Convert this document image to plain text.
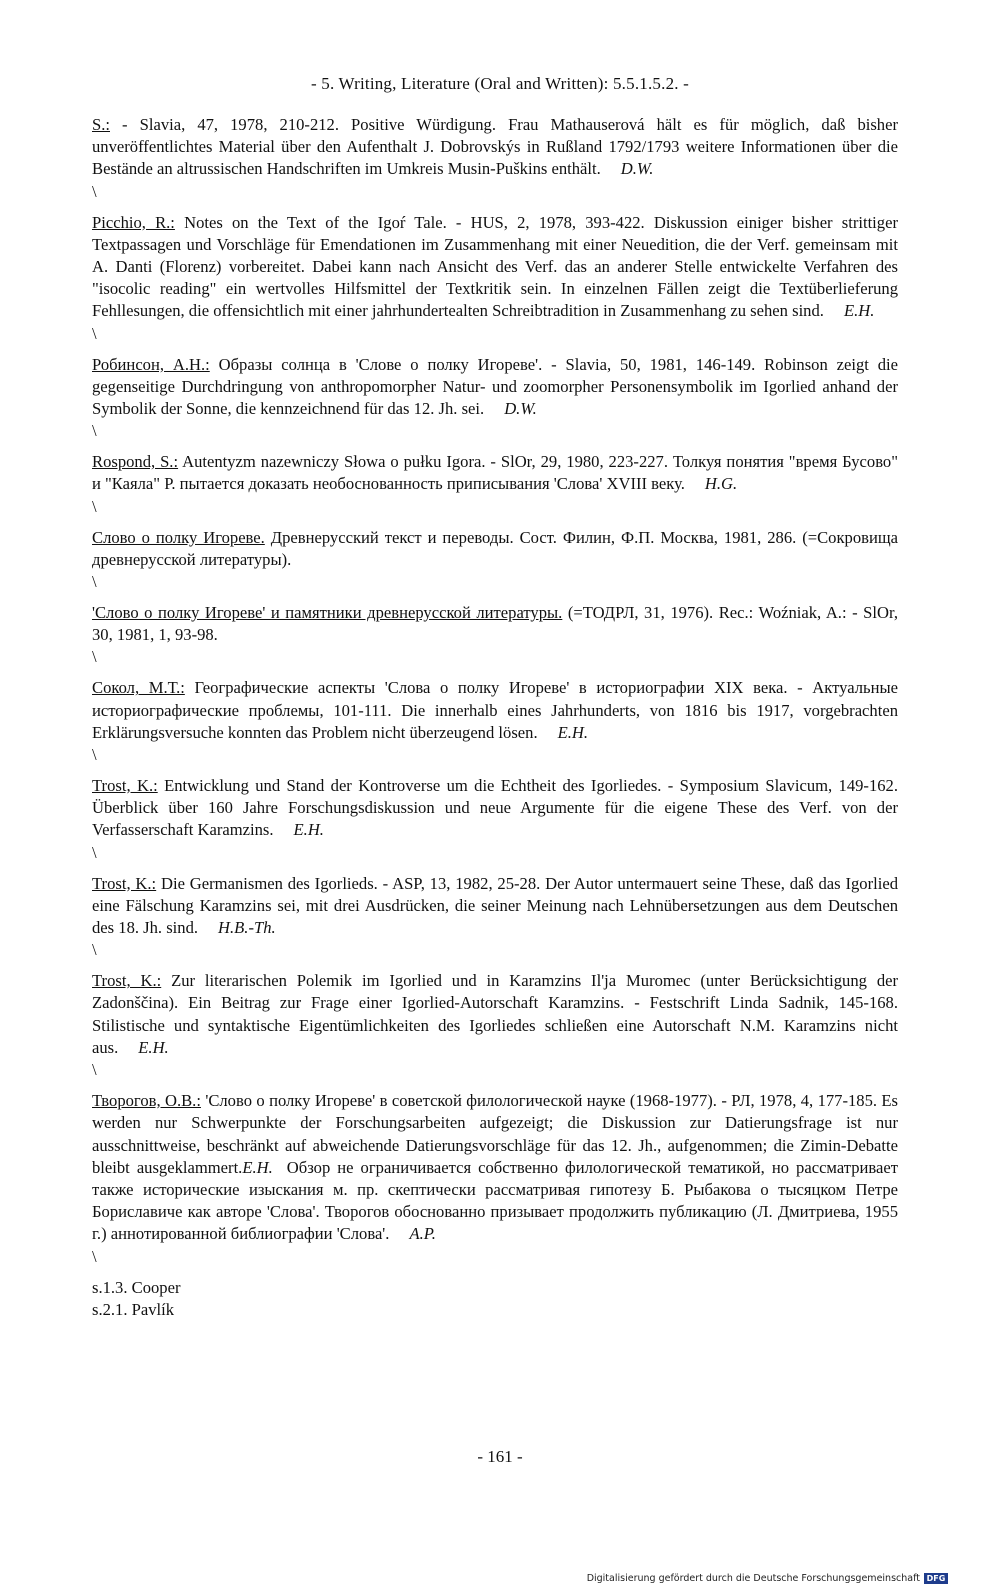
- 5. Writing, Literature (Oral and Written): 5.5.1.5.2. -

S.: - Slavia, 47, 1978, 210-212. Positive Würdigung. Frau Mathauserová hält es für möglich, daß bisher unveröffentlichtes Material über den Aufenthalt J. Dobrovskýs in Rußland 1792/1793 weitere Informationen über die Bestände an altrussischen Handschriften im Umkreis Musin-Puškins enthält. D.W.

\

Picchio, R.: Notes on the Text of the Igoŕ Tale. - HUS, 2, 1978, 393-422. Diskussion einiger bisher strittiger Textpassagen und Vorschläge für Emendationen im Zusammenhang mit einer Neuedition, die der Verf. gemeinsam mit A. Danti (Florenz) vorbereitet. Dabei kann nach Ansicht des Verf. das an anderer Stelle entwickelte Verfahren des "isocolic reading" ein wertvolles Hilfsmittel der Textkritik sein. In einzelnen Fällen zeigt die Textüberlieferung Fehllesungen, die offensichtlich mit einer jahrhundertealten Schreibtradition in Zusammenhang zu sehen sind. E.H.

\

Робинсон, А.Н.: Образы солнца в 'Слове о полку Игореве'. - Slavia, 50, 1981, 146-149. Robinson zeigt die gegenseitige Durchdringung von anthropomorpher Natur- und zoomorpher Personensymbolik im Igorlied anhand der Symbolik der Sonne, die kennzeichnend für das 12. Jh. sei. D.W.

\

Rospond, S.: Autentyzm nazewniczy Słowa o pułku Igora. - SlOr, 29, 1980, 223-227. Толкуя понятия "время Бусово" и "Каяла" Р. пытается доказать необоснованность приписывания 'Слова' XVIII веку. H.G.

\

Слово о полку Игореве. Древнерусский текст и переводы. Сост. Филин, Ф.П. Москва, 1981, 286. (=Сокровища древнерусской литературы).

\

'Слово о полку Игореве' и памятники древнерусской литературы. (=ТОДРЛ, 31, 1976). Rec.: Woźniak, A.: - SlOr, 30, 1981, 1, 93-98.

\

Сокол, М.Т.: Географические аспекты 'Слова о полку Игореве' в историографии XIX века. - Актуальные историографические проблемы, 101-111. Die innerhalb eines Jahrhunderts, von 1816 bis 1917, vorgebrachten Erklärungsversuche konnten das Problem nicht überzeugend lösen. E.H.

\

Trost, K.: Entwicklung und Stand der Kontroverse um die Echtheit des Igorliedes. - Symposium Slavicum, 149-162. Überblick über 160 Jahre Forschungsdiskussion und neue Argumente für die eigene These des Verf. von der Verfasserschaft Karamzins. E.H.

\

Trost, K.: Die Germanismen des Igorlieds. - ASP, 13, 1982, 25-28. Der Autor untermauert seine These, daß das Igorlied eine Fälschung Karamzins sei, mit drei Ausdrücken, die seiner Meinung nach Lehnübersetzungen aus dem Deutschen des 18. Jh. sind. H.B.-Th.

\

Trost, K.: Zur literarischen Polemik im Igorlied und in Karamzins Il'ja Muromec (unter Berücksichtigung der Zadonščina). Ein Beitrag zur Frage einer Igorlied-Autorschaft Karamzins. - Festschrift Linda Sadnik, 145-168. Stilistische und syntaktische Eigentümlichkeiten des Igorliedes schließen eine Autorschaft N.M. Karamzins nicht aus. E.H.

\

Творогов, О.В.: 'Слово о полку Игореве' в советской филологической науке (1968-1977). - РЛ, 1978, 4, 177-185. Es werden nur Schwerpunkte der Forschungsarbeiten aufgezeigt; die Diskussion zur Datierungsfrage ist nur ausschnittweise, beschränkt auf abweichende Datierungsvorschläge für das 12. Jh., aufgenommen; die Zimin-Debatte bleibt ausgeklammert.E.H. Обзор не ограничивается собственно филологической тематикой, но рассматривает также исторические изыскания м. пр. скептически рассматривая гипотезу Б. Рыбакова о тысяцком Петре Бориславиче как авторе 'Слова'. Творогов обоснованно призывает продолжить публикацию (Л. Дмитриева, 1955 г.) аннотированной библиографии 'Слова'. A.P.

\

s.1.3. Cooper

s.2.1. Pavlík

- 161 -
Digitalisierung gefördert durch die Deutsche Forschungsgemeinschaft DFG
